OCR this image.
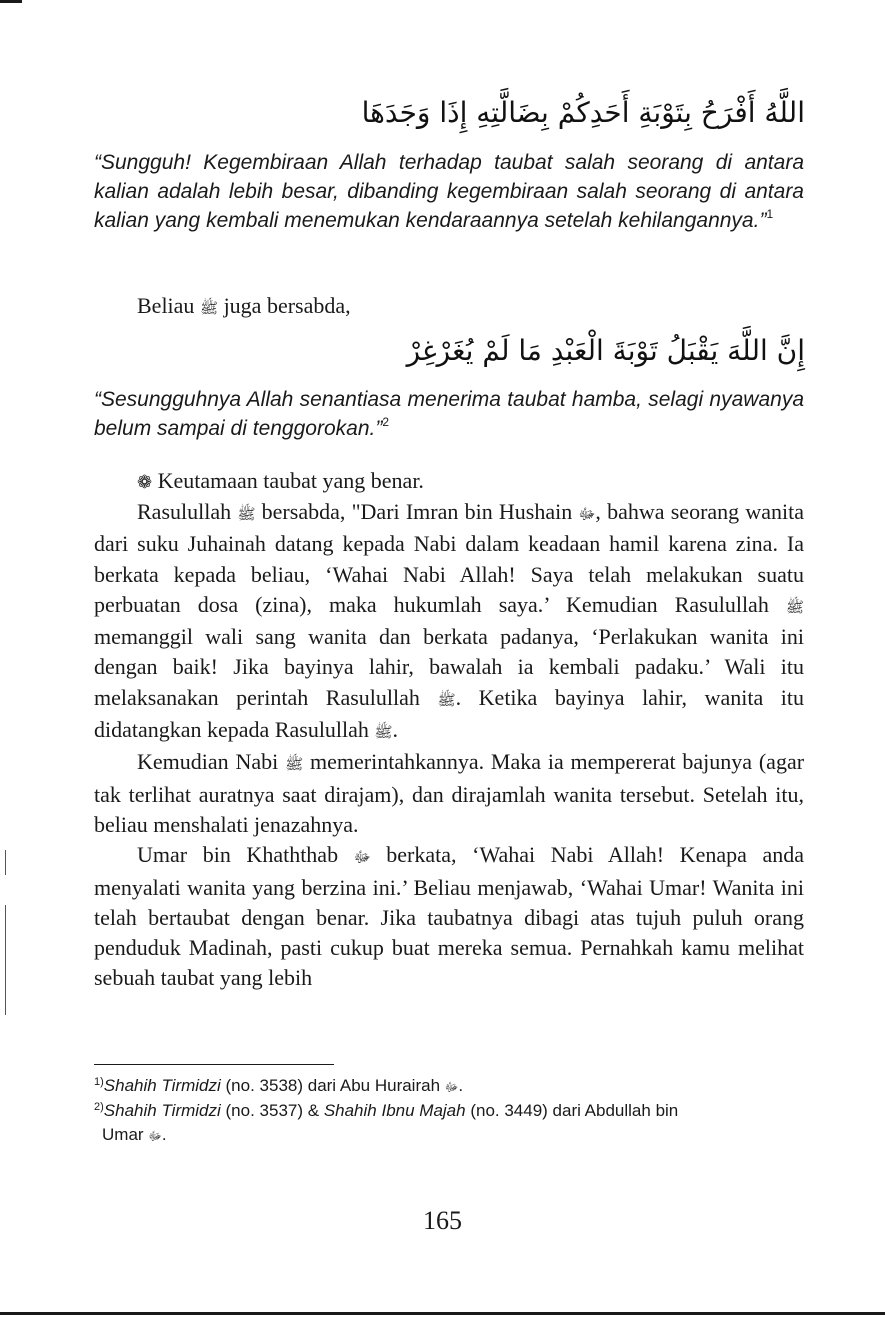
اللَّهُ أَفْرَحُ بِتَوْبَةِ أَحَدِكُمْ بِضَالَّتِهِ إِذَا وَجَدَهَا
“Sungguh! Kegembiraan Allah terhadap taubat salah seorang di antara kalian adalah lebih besar, dibanding kegembiraan salah seorang di antara kalian yang kembali menemukan kendaraannya setelah kehilangannya.”$^1$
Beliau ﷺ juga bersabda,
إِنَّ اللَّهَ يَقْبَلُ تَوْبَةَ الْعَبْدِ مَا لَمْ يُغَرْغِرْ
“Sesungguhnya Allah senantiasa menerima taubat hamba, selagi nyawanya belum sampai di tenggorokan.”$^2$
❁ Keutamaan taubat yang benar.

Rasulullah ﷺ bersabda, "Dari Imran bin Hushain ﷻ, bahwa seorang wanita dari suku Juhainah datang kepada Nabi dalam keadaan hamil karena zina. Ia berkata kepada beliau, ‘Wahai Nabi Allah! Saya telah melakukan suatu perbuatan dosa (zina), maka hukumlah saya.’ Kemudian Rasulullah ﷺ memanggil wali sang wanita dan berkata padanya, ‘Perlakukan wanita ini dengan baik! Jika bayinya lahir, bawalah ia kembali padaku.’ Wali itu melaksanakan perintah Rasulullah ﷺ. Ketika bayinya lahir, wanita itu didatangkan kepada Rasulullah ﷺ.

Kemudian Nabi ﷺ memerintahkannya. Maka ia mempererat bajunya (agar tak terlihat auratnya saat dirajam), dan dirajamlah wanita tersebut. Setelah itu, beliau menshalati jenazahnya.

Umar bin Khaththab ﷻ berkata, ‘Wahai Nabi Allah! Kenapa anda menyalati wanita yang berzina ini.’ Beliau menjawab, ‘Wahai Umar! Wanita ini telah bertaubat dengan benar. Jika taubatnya dibagi atas tujuh puluh orang penduduk Madinah, pasti cukup buat mereka semua. Pernahkah kamu melihat sebuah taubat yang lebih

$^{1)}$Shahih Tirmidzi (no. 3538) dari Abu Hurairah ﷻ.
$^{2)}$Shahih Tirmidzi (no. 3537) & Shahih Ibnu Majah (no. 3449) dari Abdullah bin
Umar ﷻ.
165
